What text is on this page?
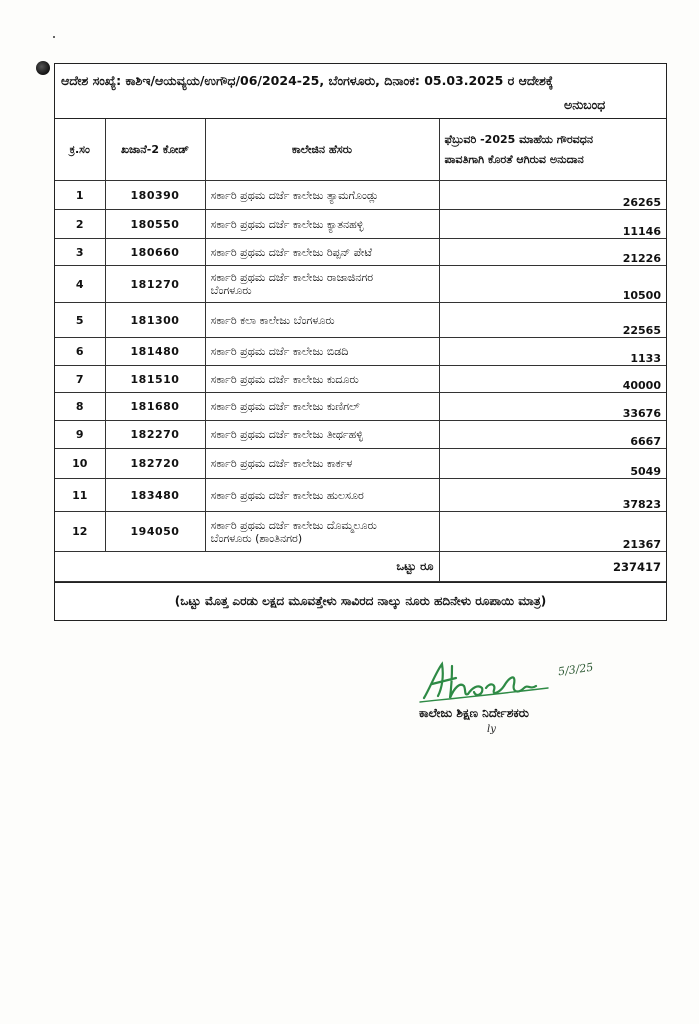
ಆದೇಶ ಸಂಖ್ಯೆ: ಕಾಶಿಇ/ಆಯವ್ಯಯ/ಉಗೌಧ/06/2024-25, ಬೆಂಗಳೂರು, ದಿನಾಂಕ: 05.03.2025 ರ ಆದೇಶಕ್ಕೆ
ಅನುಬಂಧ
ಕ್ರ.ಸಂ	ಖಜಾನೆ-2 ಕೋಡ್	ಕಾಲೇಜಿನ ಹೆಸರು	ಫೆಬ್ರುವರಿ -2025 ಮಾಹೆಯ ಗೌರವಧನ
ಪಾವತಿಗಾಗಿ ಕೊರತೆ ಆಗಿರುವ ಅನುದಾನ

1	180390	ಸರ್ಕಾರಿ ಪ್ರಥಮ ದರ್ಜೆ ಕಾಲೇಜು ತ್ಯಾಮಗೊಂಡ್ಲು	26265
2	180550	ಸರ್ಕಾರಿ ಪ್ರಥಮ ದರ್ಜೆ ಕಾಲೇಜು ಕ್ಯಾತನಹಳ್ಳಿ	11146
3	180660	ಸರ್ಕಾರಿ ಪ್ರಥಮ ದರ್ಜೆ ಕಾಲೇಜು ರಿಪ್ಪನ್ ಪೇಟೆ	21226
4	181270	ಸರ್ಕಾರಿ ಪ್ರಥಮ ದರ್ಜೆ ಕಾಲೇಜು ರಾಜಾಜಿನಗರ
ಬೆಂಗಳೂರು	10500
5	181300	ಸರ್ಕಾರಿ ಕಲಾ ಕಾಲೇಜು ಬೆಂಗಳೂರು	22565
6	181480	ಸರ್ಕಾರಿ ಪ್ರಥಮ ದರ್ಜೆ ಕಾಲೇಜು ಬಿಡದಿ	1133
7	181510	ಸರ್ಕಾರಿ ಪ್ರಥಮ ದರ್ಜೆ ಕಾಲೇಜು ಕುದೂರು	40000
8	181680	ಸರ್ಕಾರಿ ಪ್ರಥಮ ದರ್ಜೆ ಕಾಲೇಜು ಕುಣಿಗಲ್	33676
9	182270	ಸರ್ಕಾರಿ ಪ್ರಥಮ ದರ್ಜೆ ಕಾಲೇಜು ತೀರ್ಥಹಳ್ಳಿ	6667
10	182720	ಸರ್ಕಾರಿ ಪ್ರಥಮ ದರ್ಜೆ ಕಾಲೇಜು ಕಾರ್ಕಳ	5049
11	183480	ಸರ್ಕಾರಿ ಪ್ರಥಮ ದರ್ಜೆ ಕಾಲೇಜು ಹುಲಸೂರ	37823
12	194050	ಸರ್ಕಾರಿ ಪ್ರಥಮ ದರ್ಜೆ ಕಾಲೇಜು ದೊಮ್ಮಲೂರು
ಬೆಂಗಳೂರು (ಶಾಂತಿನಗರ)	21367
ಒಟ್ಟು ರೂ			237417
(ಒಟ್ಟು ಮೊತ್ತ ಎರಡು ಲಕ್ಷದ ಮೂವತ್ತೇಳು ಸಾವಿರದ ನಾಲ್ಕು ನೂರು ಹದಿನೇಳು ರೂಪಾಯಿ ಮಾತ್ರ)
5/3/25
ಕಾಲೇಜು ಶಿಕ್ಷಣ ನಿರ್ದೇಶಕರು
ly
